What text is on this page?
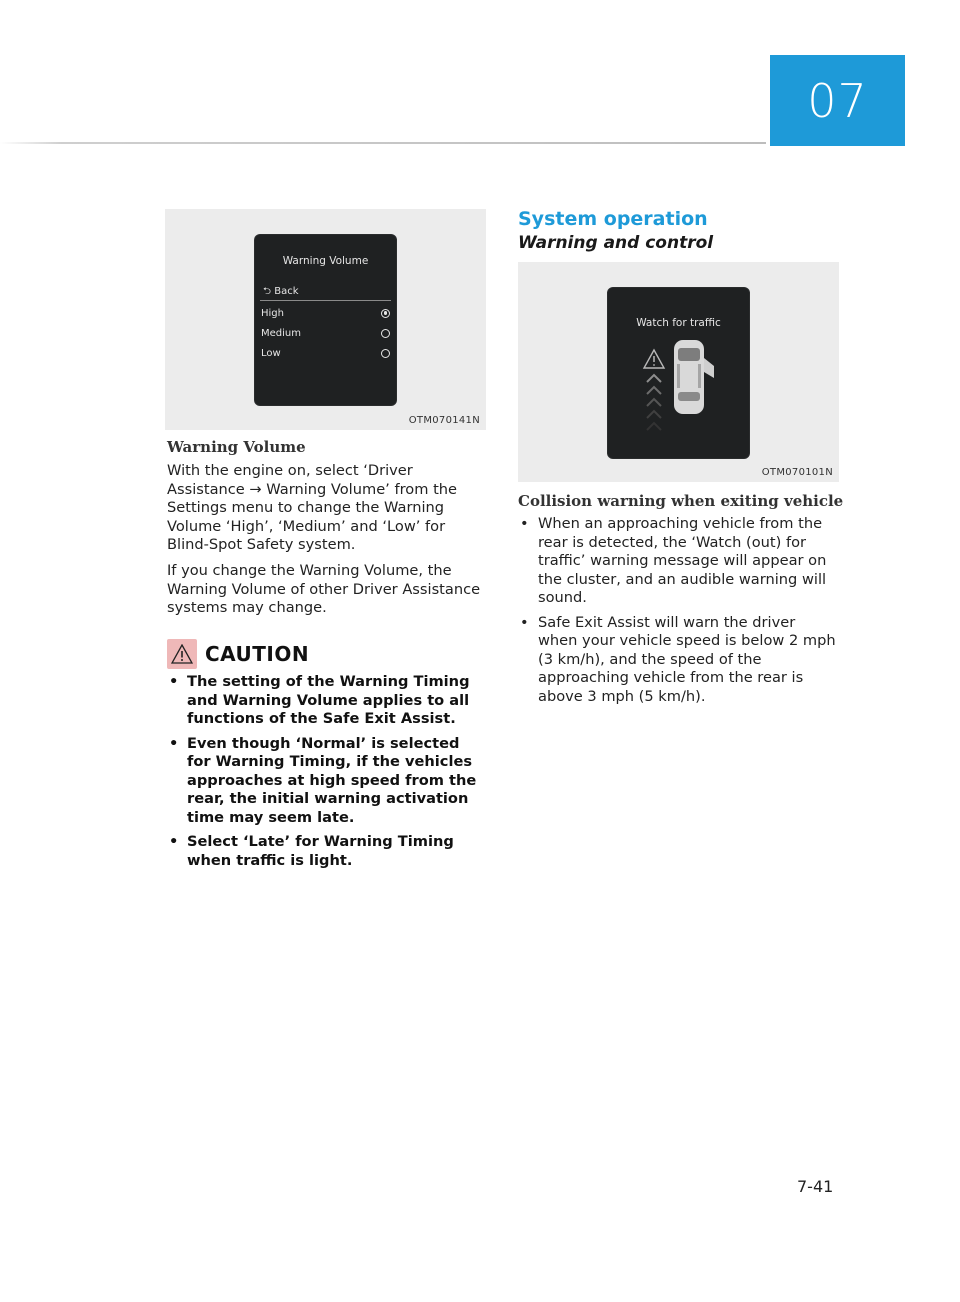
07
Warning Volume
⮌ Back
High
Medium
Low
OTM070141N
Warning Volume

With the engine on, select ‘Driver Assistance → Warning Volume’ from the Settings menu to change the Warning Volume ‘High’, ‘Medium’ and ‘Low’ for Blind-Spot Safety system.

If you change the Warning Volume, the Warning Volume of other Driver Assistance systems may change.

CAUTION
• The setting of the Warning Timing and Warning Volume applies to all functions of the Safe Exit Assist.
• Even though ‘Normal’ is selected for Warning Timing, if the vehicles approaches at high speed from the rear, the initial warning activation time may seem late.
• Select ‘Late’ for Warning Timing when traffic is light.
System operation
Warning and control
Watch for traffic
OTM070101N
Collision warning when exiting vehicle
• When an approaching vehicle from the rear is detected, the ‘Watch (out) for traffic’ warning message will appear on the cluster, and an audible warning will sound.
• Safe Exit Assist will warn the driver when your vehicle speed is below 2 mph (3 km/h), and the speed of the approaching vehicle from the rear is above 3 mph (5 km/h).
7-41
